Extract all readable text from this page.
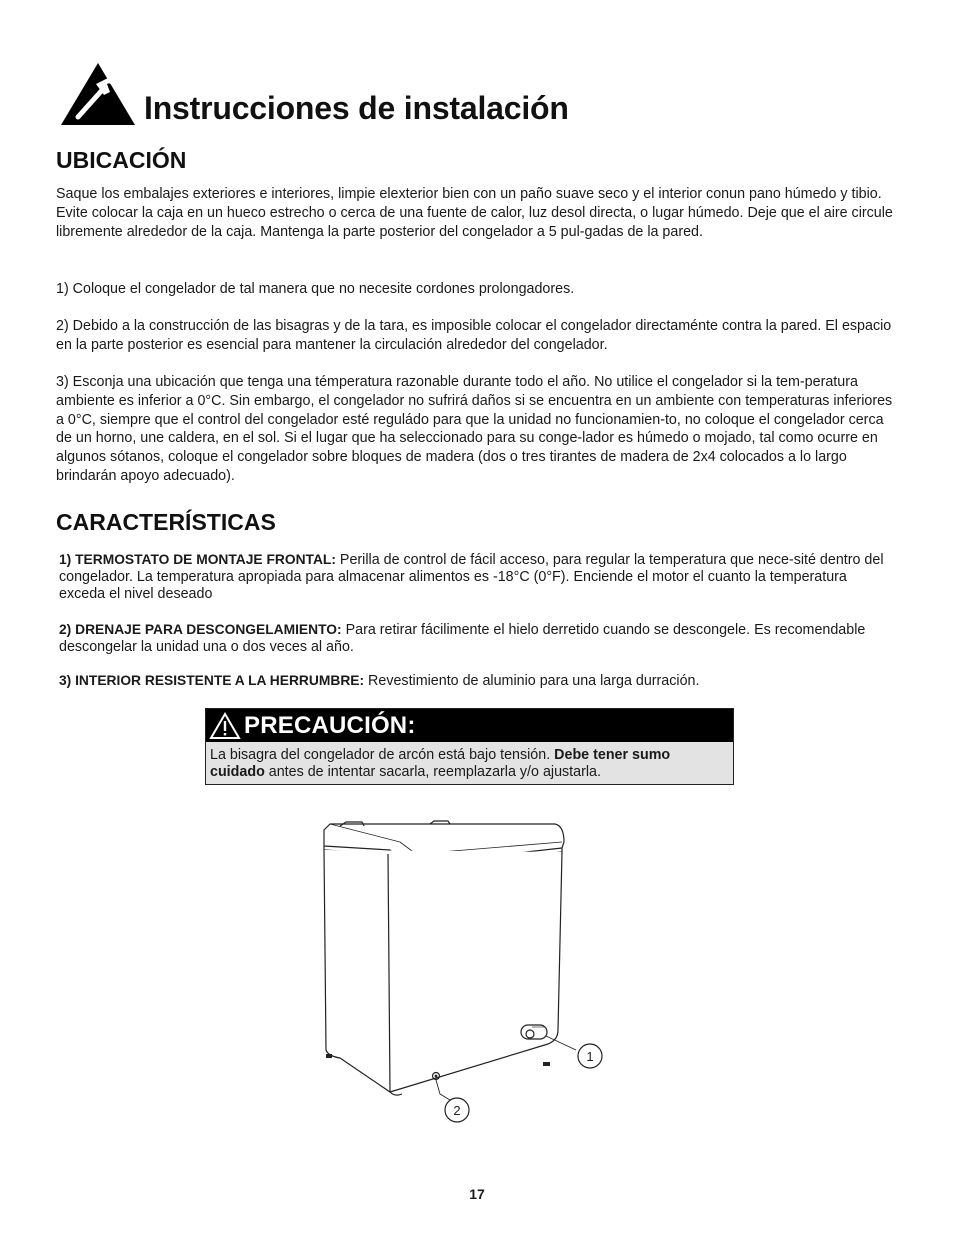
Instrucciones de instalación
UBICACIÓN

Saque los embalajes exteriores e interiores, limpie elexterior bien con un paño suave seco y el interior conun pano húmedo y tibio. Evite colocar la caja en un hueco estrecho o cerca de una fuente de calor, luz desol directa, o lugar húmedo. Deje que el aire circule libremente alrededor de la caja. Mantenga la parte posterior del congelador a 5 pul-gadas de la pared.

1) Coloque el congelador de tal manera que no necesite cordones prolongadores.

2) Debido a la construcción de las bisagras y de la tara, es imposible colocar el congelador directaménte contra la pared. El espacio en la parte posterior es esencial para mantener la circulación alrededor del congelador.

3) Esconja una ubicación que tenga una témperatura razonable durante todo el año. No utilice el congelador si la tem-peratura ambiente es inferior a 0°C. Sin embargo, el congelador no sufrirá daños si se encuentra en un ambiente con temperaturas inferiores a 0°C, siempre que el control del congelador esté reguládo para que la unidad no funcionamien-to, no coloque el congelador cerca de un horno, une caldera, en el sol. Si el lugar que ha seleccionado para su conge-lador es húmedo o mojado, tal como ocurre en algunos sótanos, coloque el congelador sobre bloques de madera (dos o tres tirantes de madera de 2x4 colocados a lo largo brindarán apoyo adecuado).

CARACTERÍSTICAS

1) TERMOSTATO DE MONTAJE FRONTAL: Perilla de control de fácil acceso, para regular la temperatura que nece-sité dentro del congelador. La temperatura apropiada para almacenar alimentos es -18°C (0°F). Enciende el motor el cuanto la temperatura exceda el nivel deseado

2) DRENAJE PARA DESCONGELAMIENTO: Para retirar fácilimente el hielo derretido cuando se descongele. Es recomendable descongelar la unidad una o dos veces al año.

3) INTERIOR RESISTENTE A LA HERRUMBRE: Revestimiento de aluminio para una larga durración.

PRECAUCIÓN:
La bisagra del congelador de arcón está bajo tensión. Debe tener sumo cuidado antes de intentar sacarla, reemplazarla y/o ajustarla.
1
2
17
